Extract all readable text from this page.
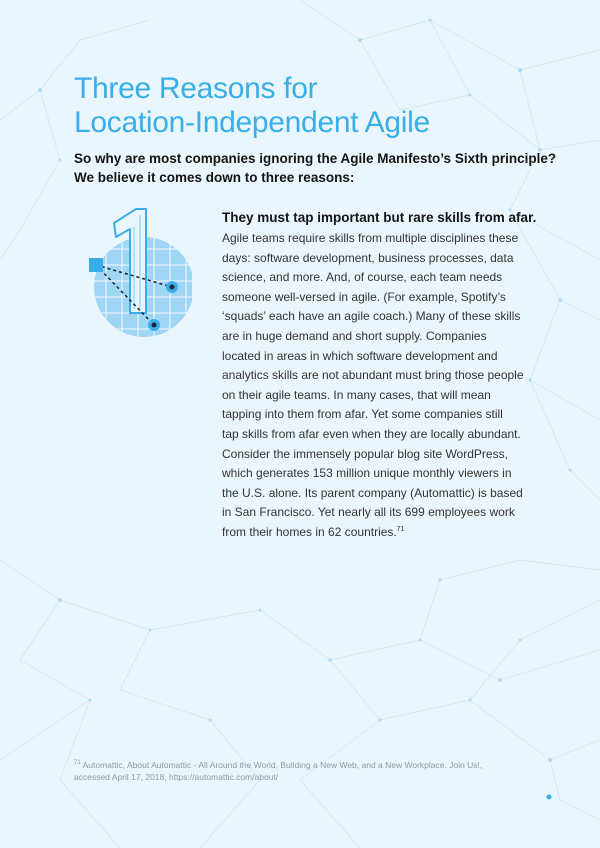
Three Reasons for
Location-Independent Agile
So why are most companies ignoring the Agile Manifesto’s Sixth principle?
We believe it comes down to three reasons:
They must tap important but rare skills from afar.
Agile teams require skills from multiple disciplines these
days: software development, business processes, data
science, and more. And, of course, each team needs
someone well-versed in agile. (For example, Spotify’s
‘squads’ each have an agile coach.) Many of these skills
are in huge demand and short supply. Companies
located in areas in which software development and
analytics skills are not abundant must bring those people
on their agile teams. In many cases, that will mean
tapping into them from afar. Yet some companies still
tap skills from afar even when they are locally abundant.
Consider the immensely popular blog site WordPress,
which generates 153 million unique monthly viewers in
the U.S. alone. Its parent company (Automattic) is based
in San Francisco. Yet nearly all its 699 employees work
from their homes in 62 countries.$^{71}$
$^{71}$ Automattic, About Automattic - All Around the World, Building a New Web, and a New Workplace. Join Us!,
accessed April 17, 2018, https://automattic.com/about/
